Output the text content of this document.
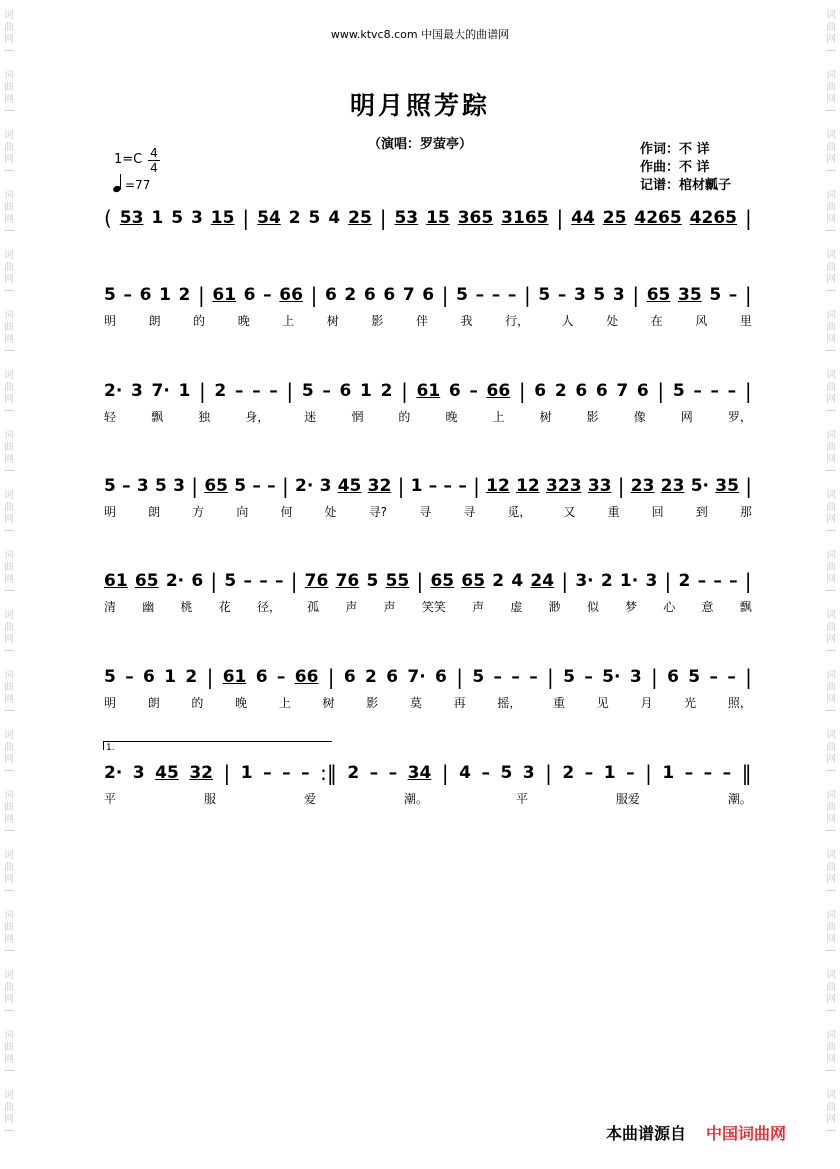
词
曲
网
词
曲
网
词
曲
网
词
曲
网
词
曲
网
词
曲
网
词
曲
网
词
曲
网
词
曲
网
词
曲
网
词
曲
网
词
曲
网
词
曲
网
词
曲
网
词
曲
网
词
曲
网
词
曲
网
词
曲
网
词
曲
网
词
曲
网
词
曲
网
词
曲
网
词
曲
网
词
曲
网
词
曲
网
词
曲
网
词
曲
网
词
曲
网
词
曲
网
词
曲
网
词
曲
网
词
曲
网
词
曲
网
词
曲
网
词
曲
网
词
曲
网
词
曲
网
词
曲
网
www.ktvc8.com 中国最大的曲谱网
明月照芳踪
（演唱：罗萤亭）	作词：不 详
作曲：不 详
记谱：棺材瓤子
$1=C \frac{4}{4}$
=77
( 53 1 5 3 15 | 54 2 5 4 25 | 53 15 365 3165 | 44 25 4265 4265 |
5 – 6 1 2 | 61 6 – 66 | 6 2 6 6 7 6 | 5 – – – | 5 – 3 5 3 | 65 35 5 – |
明	朗	的	晚	上	树	影	伴	我	行，	人	处	在	风	里
2· 3 7· 1 | 2 – – – | 5 – 6 1 2 | 61 6 – 66 | 6 2 6 6 7 6 | 5 – – – |
轻	飘	独	身，	迷	惘	的	晚	上	树	影	像	网	罗，
5 – 3 5 3 | 65 5 – – | 2· 3 45 32 | 1 – – – | 12 12 323 33 | 23 23 5· 35 |
明	朗	方	向	何	处	寻?	寻	寻	觅，	又	重	回	到	那
61 65 2· 6 | 5 – – – | 76 76 5 55 | 65 65 2 4 24 | 3· 2 1· 3 | 2 – – – |
清 幽 桃 花 径， 孤 声 声 笑笑 声 虚 渺 似 梦 心 意 飘
5 – 6 1 2 | 61 6 – 66 | 6 2 6 7· 6 | 5 – – – | 5 – 5· 3 | 6 5 – – |
明	朗	的	晚	上	树	影	莫	再	摇，	重	见	月	光	照，
2· 3 45 32 | 1 – – – :‖ 2 – – 34 | 4 – 5 3 | 2 – 1 – | 1 – – – ‖
平	服	爱	潮。	平	服爱	潮。
1.
本曲谱源自 中国词曲网
